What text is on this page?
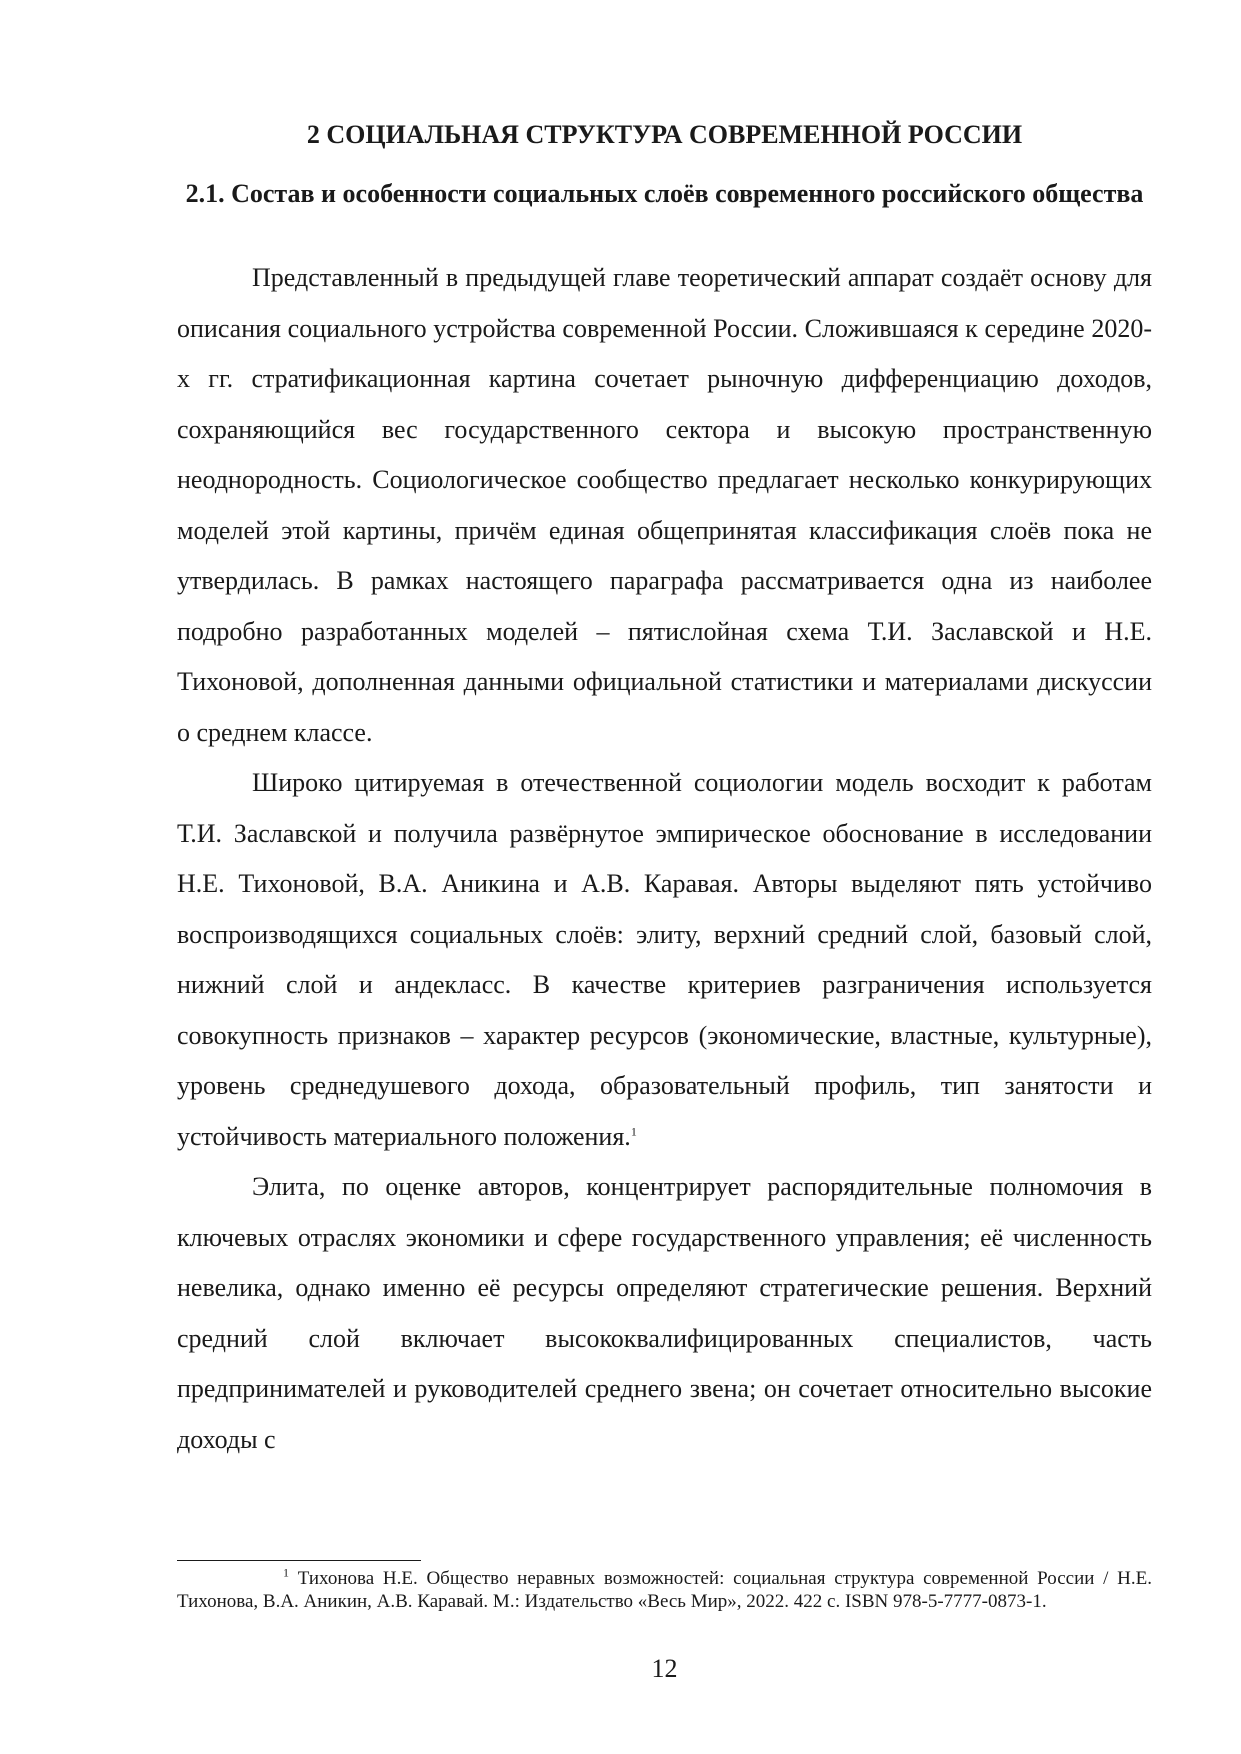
2 СОЦИАЛЬНАЯ СТРУКТУРА СОВРЕМЕННОЙ РОССИИ
2.1. Состав и особенности социальных слоёв современного российского общества

Представленный в предыдущей главе теоретический аппарат создаёт основу для описания социального устройства современной России. Сложившаяся к середине 2020-х гг. стратификационная картина сочетает рыночную дифференциацию доходов, сохраняющийся вес государственного сектора и высокую пространственную неоднородность. Социологическое сообщество предлагает несколько конкурирующих моделей этой картины, причём единая общепринятая классификация слоёв пока не утвердилась. В рамках настоящего параграфа рассматривается одна из наиболее подробно разработанных моделей – пятислойная схема Т.И. Заславской и Н.Е. Тихоновой, дополненная данными официальной статистики и материалами дискуссии о среднем классе.

Широко цитируемая в отечественной социологии модель восходит к работам Т.И. Заславской и получила развёрнутое эмпирическое обоснование в исследовании Н.Е. Тихоновой, В.А. Аникина и А.В. Каравая. Авторы выделяют пять устойчиво воспроизводящихся социальных слоёв: элиту, верхний средний слой, базовый слой, нижний слой и андекласс. В качестве критериев разграничения используется совокупность признаков – характер ресурсов (экономические, властные, культурные), уровень среднедушевого дохода, образовательный профиль, тип занятости и устойчивость материального положения.$^1$

Элита, по оценке авторов, концентрирует распорядительные полномочия в ключевых отраслях экономики и сфере государственного управления; её численность невелика, однако именно её ресурсы определяют стратегические решения. Верхний средний слой включает высококвалифицированных специалистов, часть предпринимателей и руководителей среднего звена; он сочетает относительно высокие доходы с

$^1$ Тихонова Н.Е. Общество неравных возможностей: социальная структура современной России / Н.Е. Тихонова, В.А. Аникин, А.В. Каравай. М.: Издательство «Весь Мир», 2022. 422 с. ISBN 978-5-7777-0873-1.

12
